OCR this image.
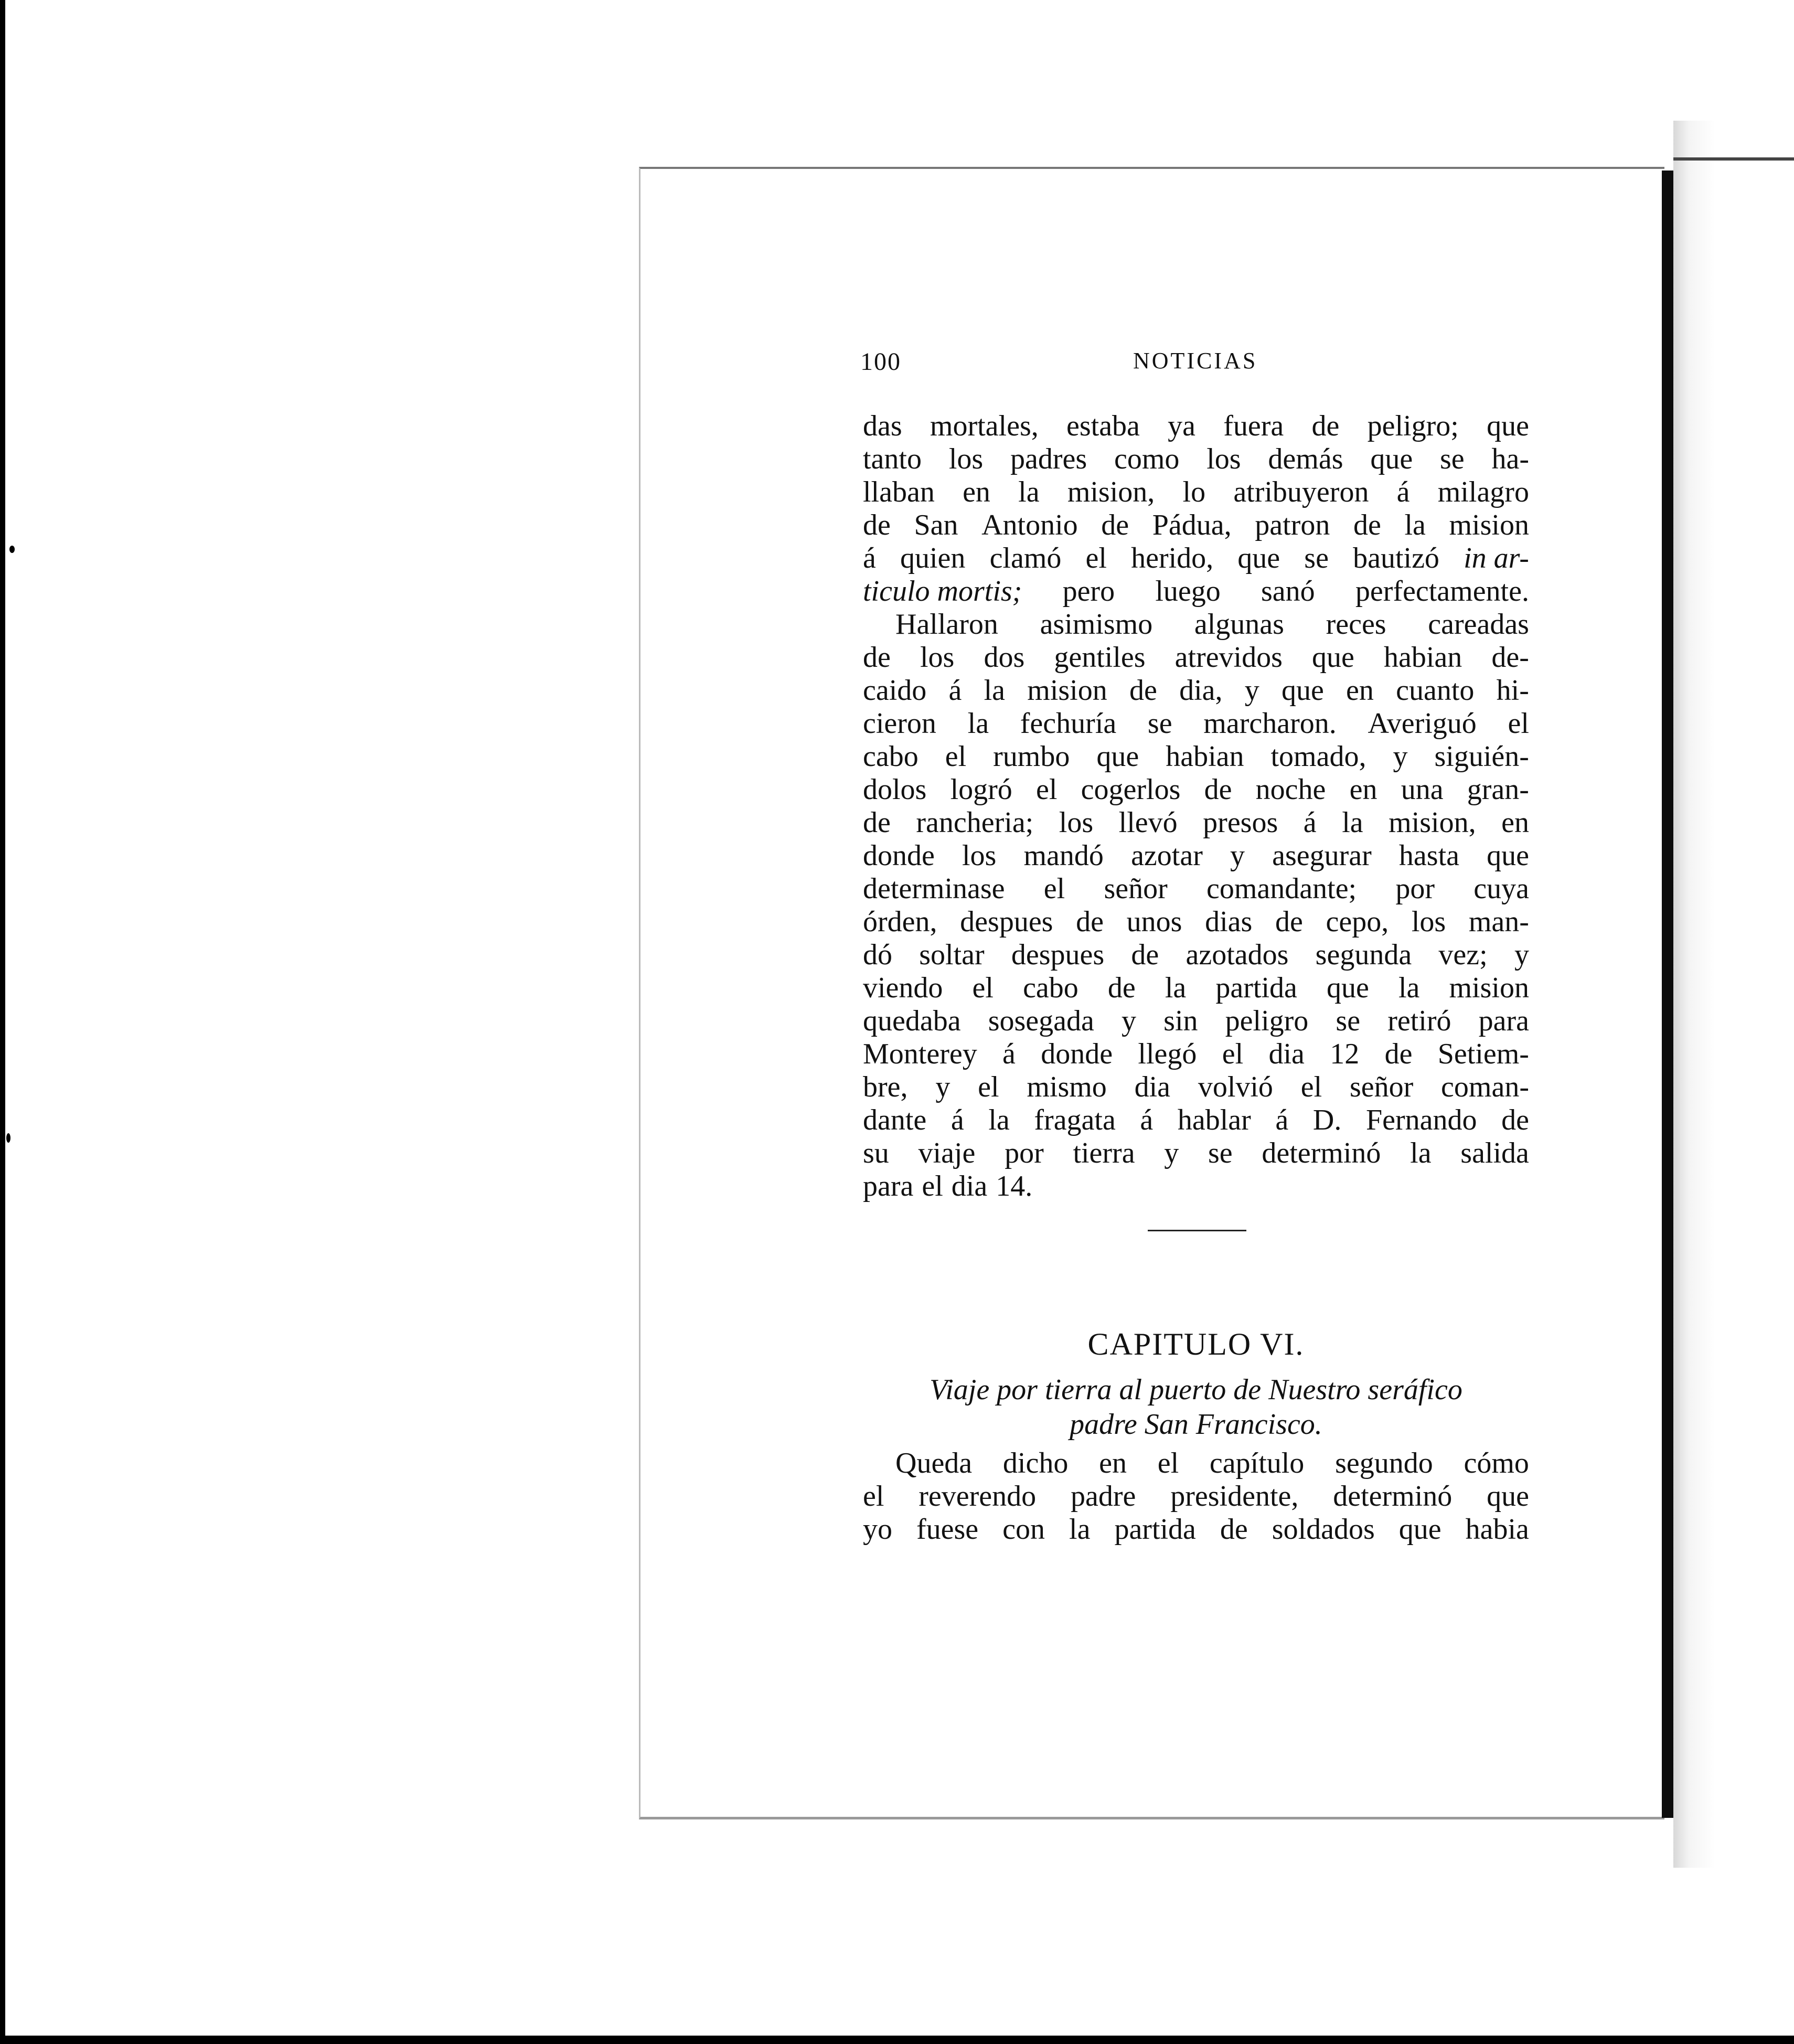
100	NOTICIAS
das mortales, estaba ya fuera de peligro; que
tanto los padres como los demás que se ha-
llaban en la mision, lo atribuyeron á milagro
de San Antonio de Pádua, patron de la mision
á quien clamó el herido, que se bautizó in ar-
ticulo mortis; pero luego sanó perfectamente.
Hallaron asimismo algunas reces careadas
de los dos gentiles atrevidos que habian de-
caido á la mision de dia, y que en cuanto hi-
cieron la fechuría se marcharon. Averiguó el
cabo el rumbo que habian tomado, y siguién-
dolos logró el cogerlos de noche en una gran-
de rancheria; los llevó presos á la mision, en
donde los mandó azotar y asegurar hasta que
determinase el señor comandante; por cuya
órden, despues de unos dias de cepo, los man-
dó soltar despues de azotados segunda vez; y
viendo el cabo de la partida que la mision
quedaba sosegada y sin peligro se retiró para
Monterey á donde llegó el dia 12 de Setiem-
bre, y el mismo dia volvió el señor coman-
dante á la fragata á hablar á D. Fernando de
su viaje por tierra y se determinó la salida
para el dia 14.
CAPITULO VI.
Viaje por tierra al puerto de Nuestro seráfico
padre San Francisco.
Queda dicho en el capítulo segundo cómo
el reverendo padre presidente, determinó que
yo fuese con la partida de soldados que habia
